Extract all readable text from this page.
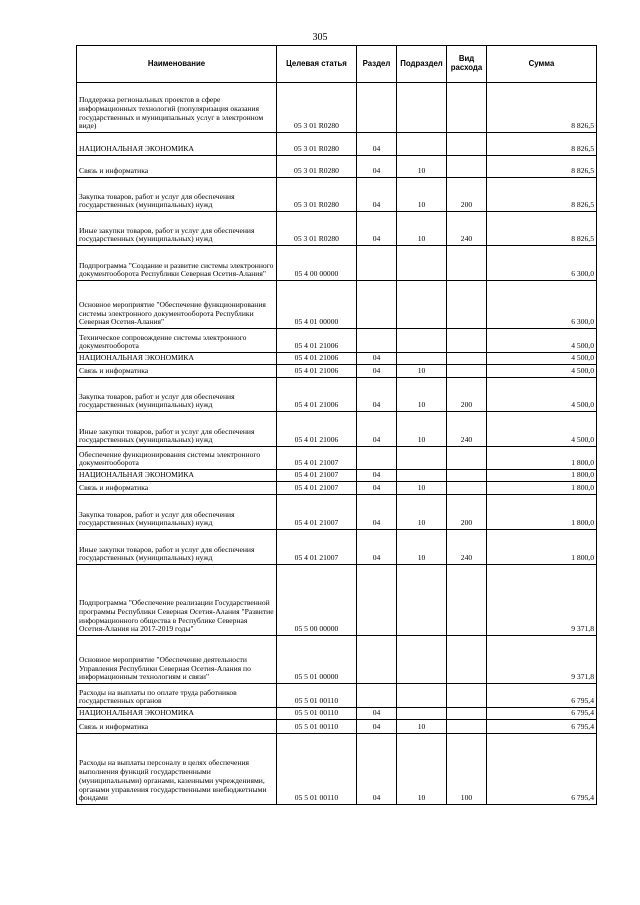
305
Наименование	Целевая статья	Раздел	Подраздел	Вид расхода	Сумма
Поддержка региональных проектов в сфере информационных технологий (популяризация оказания государственных и муниципальных услуг в электронном виде)	05 3 01 R0280				8 826,5
НАЦИОНАЛЬНАЯ ЭКОНОМИКА	05 3 01 R0280	04			8 826,5
Связь и информатика	05 3 01 R0280	04	10		8 826,5
Закупка товаров, работ и услуг для обеспечения государственных (муниципальных) нужд	05 3 01 R0280	04	10	200	8 826,5
Иные закупки товаров, работ и услуг для обеспечения государственных (муниципальных) нужд	05 3 01 R0280	04	10	240	8 826,5
Подпрограмма "Создание и развитие системы электронного документооборота Республики Северная Осетия-Алания"	05 4 00 00000				6 300,0
Основное мероприятие "Обеспечение функционирования системы электронного документооборота Республики Северная Осетия-Алания"	05 4 01 00000				6 300,0
Техническое сопровождение системы электронного документооборота	05 4 01 21006				4 500,0
НАЦИОНАЛЬНАЯ ЭКОНОМИКА	05 4 01 21006	04			4 500,0
Связь и информатика	05 4 01 21006	04	10		4 500,0
Закупка товаров, работ и услуг для обеспечения государственных (муниципальных) нужд	05 4 01 21006	04	10	200	4 500,0
Иные закупки товаров, работ и услуг для обеспечения государственных (муниципальных) нужд	05 4 01 21006	04	10	240	4 500,0
Обеспечение функционирования системы электронного документооборота	05 4 01 21007				1 800,0
НАЦИОНАЛЬНАЯ ЭКОНОМИКА	05 4 01 21007	04			1 800,0
Связь и информатика	05 4 01 21007	04	10		1 800,0
Закупка товаров, работ и услуг для обеспечения государственных (муниципальных) нужд	05 4 01 21007	04	10	200	1 800,0
Иные закупки товаров, работ и услуг для обеспечения государственных (муниципальных) нужд	05 4 01 21007	04	10	240	1 800,0
Подпрограмма "Обеспечение реализации Государственной программы Республики Северная Осетия-Алания "Развитие информационного общества в Республике Северная Осетия-Алания на 2017-2019 годы"	05 5 00 00000				9 371,8
Основное мероприятие "Обеспечение деятельности Управления Республики Северная Осетия-Алания по информационным технологиям и связи"	05 5 01 00000				9 371,8
Расходы на выплаты по оплате труда работников государственных органов	05 5 01 00110				6 795,4
НАЦИОНАЛЬНАЯ ЭКОНОМИКА	05 5 01 00110	04			6 795,4
Связь и информатика	05 5 01 00110	04	10		6 795,4
Расходы на выплаты персоналу в целях обеспечения выполнения функций государственными (муниципальными) органами, казенными учреждениями, органами управления государственными внебюджетными фондами	05 5 01 00110	04	10	100	6 795,4
